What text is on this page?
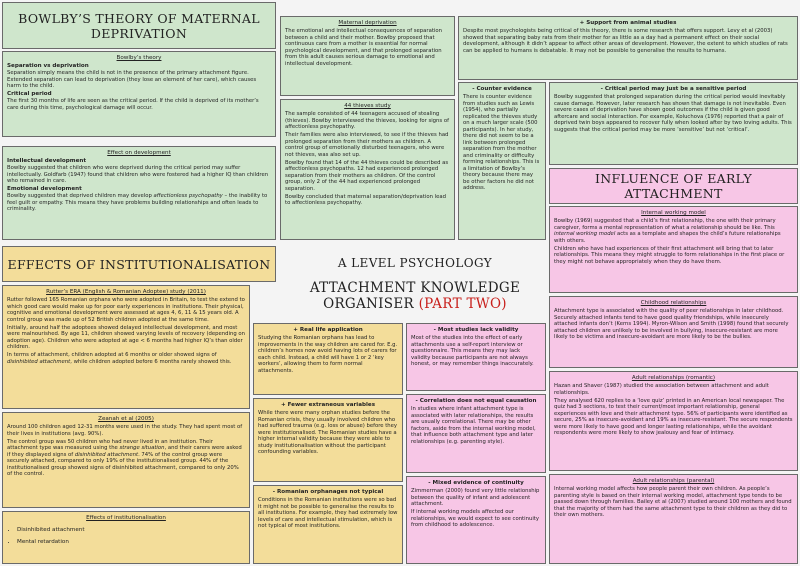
BOWLBY’S THEORY OF MATERNAL DEPRIVATION
Bowlby’s theory
Separation vs deprivation
Separation simply means the child is not in the presence of the primary attachment figure. Extended separation can lead to deprivation (they lose an element of her care), which causes harm to the child.
Critical period
The first 30 months of life are seen as the critical period. If the child is deprived of its mother’s care during this time, psychological damage will occur.
Effect on development
Intellectual development
Bowlby suggested that children who were deprived during the critical period may suffer intellectually. Goldfarb (1947) found that children who were fostered had a higher IQ than children who remained in care.
Emotional development
Bowlby suggested that deprived children may develop affectionless psychopathy – the inability to feel guilt or empathy. This means they have problems building relationships and often leads to criminality.
Maternal deprivation
The emotional and intellectual consequences of separation between a child and their mother. Bowlby proposed that continuous care from a mother is essential for normal psychological development, and that prolonged separation from this adult causes serious damage to emotional and intellectual development.
44 thieves study
The sample consisted of 44 teenagers accused of stealing (thieves). Bowlby interviewed the thieves, looking for signs of affectionless psychopathy.
Their families were also interviewed, to see if the thieves had prolonged separation from their mothers as children. A control group of emotionally disturbed teenagers, who were not thieves, was also set up.
Bowlby found that 14 of the 44 thieves could be described as affectionless psychopaths. 12 had experienced prolonged separation from their mothers as children. Of the control group, only 2 of the 44 had experienced prolonged separation.
Bowlby concluded that maternal separation/deprivation lead to affectionless psychopathy.
+ Support from animal studies
Despite most psychologists being critical of this theory, there is some research that offers support. Levy et al (2003) showed that separating baby rats from their mother for as little as a day had a permanent effect on their social development, although it didn’t appear to affect other areas of development. However, the extent to which studies of rats can be applied to humans is debatable. It may not be possible to generalise the results to humans.
- Counter evidence
There is counter evidence from studies such as Lewis (1954), who partially replicated the thieves study on a much larger scale (500 participants). In her study, there did not seem to be a link between prolonged separation from the mother and criminality or difficulty forming relationships. This is a limitation of Bowlby’s theory because there may be other factors he did not address.
- Critical period may just be a sensitive period
Bowlby suggested that prolonged separation during the critical period would inevitably cause damage. However, later research has shown that damage is not inevitable. Even severe cases of deprivation have shown good outcomes if the child is given good aftercare and social interaction. For example, Koluchova (1976) reported that a pair of deprived twin boys appeared to recover fully when looked after by two loving adults. This suggests that the critical period may be more ‘sensitive’ but not ‘critical’.
INFLUENCE OF EARLY ATTACHMENT
Internal working model
Bowlby (1969) suggested that a child’s first relationship, the one with their primary caregiver, forms a mental representation of what a relationship should be like. This internal working model acts as a template and shapes the child’s future relationships with others.
Children who have had experiences of their first attachment will bring that to later relationships. This means they might struggle to form relationships in the first place or they might not behave appropriately when they do have them.
Childhood relationships
Attachment type is associated with the quality of peer relationships in later childhood. Securely attached infants tend to have good quality friendships, while insecurely attached infants don’t (Kerns 1994). Myron-Wilson and Smith (1998) found that securely attached children are unlikely to be involved in bullying, insecure-resistant are more likely to be victims and insecure-avoidant are more likely to be the bullies.
Adult relationships (romantic)
Hazan and Shaver (1987) studied the association between attachment and adult relationships.
They analysed 620 replies to a ‘love quiz’ printed in an American local newspaper. The quiz had 3 sections, to test their current/most important relationship, general experiences with love and their attachment type. 56% of participants were identified as secure, 25% as insecure-avoidant and 19% as insecure-resistant. The secure respondents were more likely to have good and longer lasting relationships, while the avoidant respondents were more likely to show jealousy and fear of intimacy.
Adult relationships (parental)
Internal working model affects how people parent their own children. As people’s parenting style is based on their internal working model, attachment type tends to be passed down through families. Bailey et al (2007) studied around 100 mothers and found that the majority of them had the same attachment type to their children as they did to their own mothers.
A LEVEL PSYCHOLOGY
ATTACHMENT KNOWLEDGE ORGANISER (PART TWO)
EFFECTS OF INSTITUTIONALISATION
Rutter’s ERA (English & Romanian Adoptee) study (2011)
Rutter followed 165 Romanian orphans who were adopted in Britain, to test the extend to which good care would make up for poor early experiences in institutions. Their physical, cognitive and emotional development were assessed at ages 4, 6, 11 & 15 years old. A control group was made up of 52 British children adopted at the same time.
Initially, around half the adoptees showed delayed intellectual development, and most were malnourished. By age 11, children showed varying levels of recovery (depending on adoption age). Children who were adopted at age < 6 months had higher IQ’s than older children.
In terms of attachment, children adopted at 6 months or older showed signs of disinhibited attachment, while children adopted before 6 months rarely showed this.
Zeanah et al (2005)
Around 100 children aged 12-31 months were used in the study. They had spent most of their lives in institutions (avg. 90%).
The control group was 50 children who had never lived in an institution. Their attachment type was measured using the strange situation, and their carers were asked if they displayed signs of disinhibited attachment. 74% of the control group were securely attached, compared to only 19% of the institutionalised group. 44% of the institutionalised group showed signs of disinhibited attachment, compared to only 20% of the control.
Effects of institutionalisation
• Disinhibited attachment
• Mental retardation
+ Real life application
Studying the Romanian orphans has lead to improvements in the way children are cared for. E.g. children’s homes now avoid having lots of carers for each child. Instead, a child will have 1 or 2 ‘key workers’, allowing them to form normal attachments.
+ Fewer extraneous variables
While there were many orphan studies before the Romanian crisis, they usually involved children who had suffered trauma (e.g. loss or abuse) before they were institutionalised. The Romanian studies have a higher internal validity because they were able to study institutionalisation without the participant confounding variables.
- Romanian orphanages not typical
Conditions in the Romanian institutions were so bad it might not be possible to generalise the results to all institutions. For example, they had extremely low levels of care and intellectual stimulation, which is not typical of most institutions.
- Most studies lack validity
Most of the studies into the effect of early attachments use a self-report interview or questionnaire. This means they may lack validity because participants are not always honest, or may remember things inaccurately.
- Correlation does not equal causation
In studies where infant attachment type is associated with later relationships, the results are usually correlational. There may be other factors, aside from the internal working model, that influence both attachment type and later relationships (e.g. parenting style).
- Mixed evidence of continuity
Zimmerman (2000) found very little relationship between the quality of infant and adolescent attachment.
If internal working models affected our relationships, we would expect to see continuity from childhood to adolescence.
